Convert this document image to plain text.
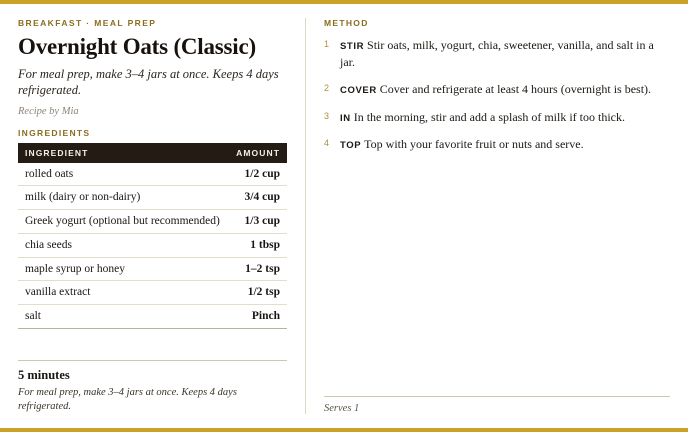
BREAKFAST · MEAL PREP
Overnight Oats (Classic)

For meal prep, make 3–4 jars at once. Keeps 4 days refrigerated.

Recipe by Mia

INGREDIENTS
INGREDIENT	AMOUNT
rolled oats	1/2 cup
milk (dairy or non-dairy)	3/4 cup
Greek yogurt (optional but recommended)	1/3 cup
chia seeds	1 tbsp
maple syrup or honey	1–2 tsp
vanilla extract	1/2 tsp
salt	Pinch
5 minutes

For meal prep, make 3–4 jars at once. Keeps 4 days refrigerated.

METHOD
1	STIR Stir oats, milk, yogurt, chia, sweetener, vanilla, and salt in a jar.
2	COVER Cover and refrigerate at least 4 hours (overnight is best).
3	IN In the morning, stir and add a splash of milk if too thick.
4	TOP Top with your favorite fruit or nuts and serve.

Serves 1
